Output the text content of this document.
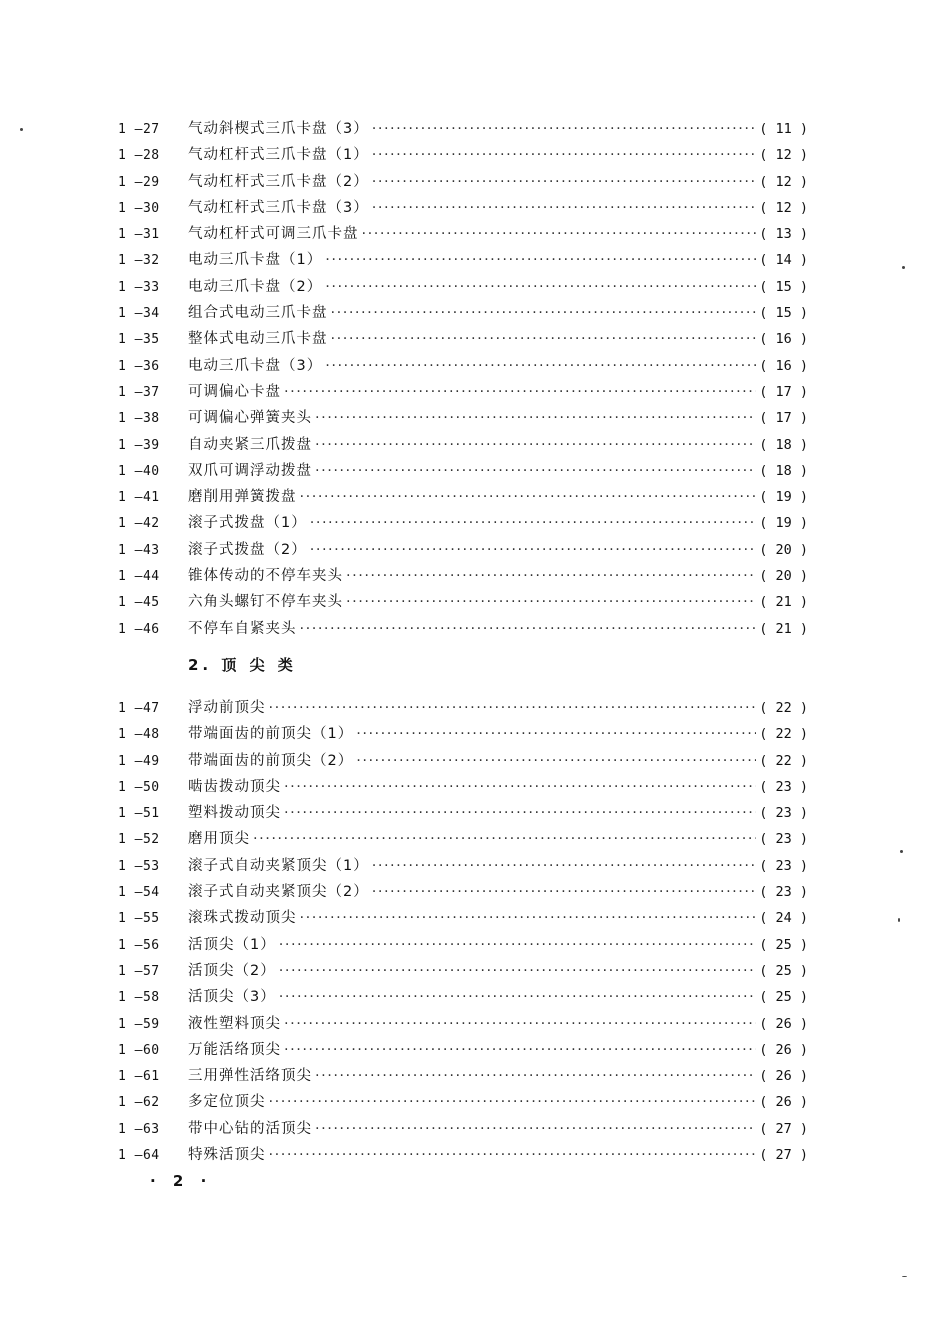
1 —27	气动斜楔式三爪卡盘（3） ·····	( 11 )
1 —28	气动杠杆式三爪卡盘（1） ·····	( 12 )
1 —29	气动杠杆式三爪卡盘（2） ·····	( 12 )
1 —30	气动杠杆式三爪卡盘（3） ·····	( 12 )
1 —31	气动杠杆式可调三爪卡盘 ·····	( 13 )
1 —32	电动三爪卡盘（1） ·····	( 14 )
1 —33	电动三爪卡盘（2） ·····	( 15 )
1 —34	组合式电动三爪卡盘 ·····	( 15 )
1 —35	整体式电动三爪卡盘 ·····	( 16 )
1 —36	电动三爪卡盘（3） ·····	( 16 )
1 —37	可调偏心卡盘 ·····	( 17 )
1 —38	可调偏心弹簧夹头 ·····	( 17 )
1 —39	自动夹紧三爪拨盘 ·····	( 18 )
1 —40	双爪可调浮动拨盘 ·····	( 18 )
1 —41	磨削用弹簧拨盘 ·····	( 19 )
1 —42	滚子式拨盘（1） ·····	( 19 )
1 —43	滚子式拨盘（2） ·····	( 20 )
1 —44	锥体传动的不停车夹头 ·····	( 20 )
1 —45	六角头螺钉不停车夹头 ·····	( 21 )
1 —46	不停车自紧夹头 ·····	( 21 )
2. 顶 尖 类
1 —47	浮动前顶尖 ·····	( 22 )
1 —48	带端面齿的前顶尖（1） ·····	( 22 )
1 —49	带端面齿的前顶尖（2） ·····	( 22 )
1 —50	啮齿拨动顶尖 ·····	( 23 )
1 —51	塑料拨动顶尖 ·····	( 23 )
1 —52	磨用顶尖 ·····	( 23 )
1 —53	滚子式自动夹紧顶尖（1） ·····	( 23 )
1 —54	滚子式自动夹紧顶尖（2） ·····	( 23 )
1 —55	滚珠式拨动顶尖 ·····	( 24 )
1 —56	活顶尖（1） ·····	( 25 )
1 —57	活顶尖（2） ·····	( 25 )
1 —58	活顶尖（3） ·····	( 25 )
1 —59	液性塑料顶尖 ·····	( 26 )
1 —60	万能活络顶尖 ·····	( 26 )
1 —61	三用弹性活络顶尖 ·····	( 26 )
1 —62	多定位顶尖 ·····	( 26 )
1 —63	带中心钻的活顶尖 ·····	( 27 )
1 —64	特殊活顶尖 ·····	( 27 )
· 2 ·
